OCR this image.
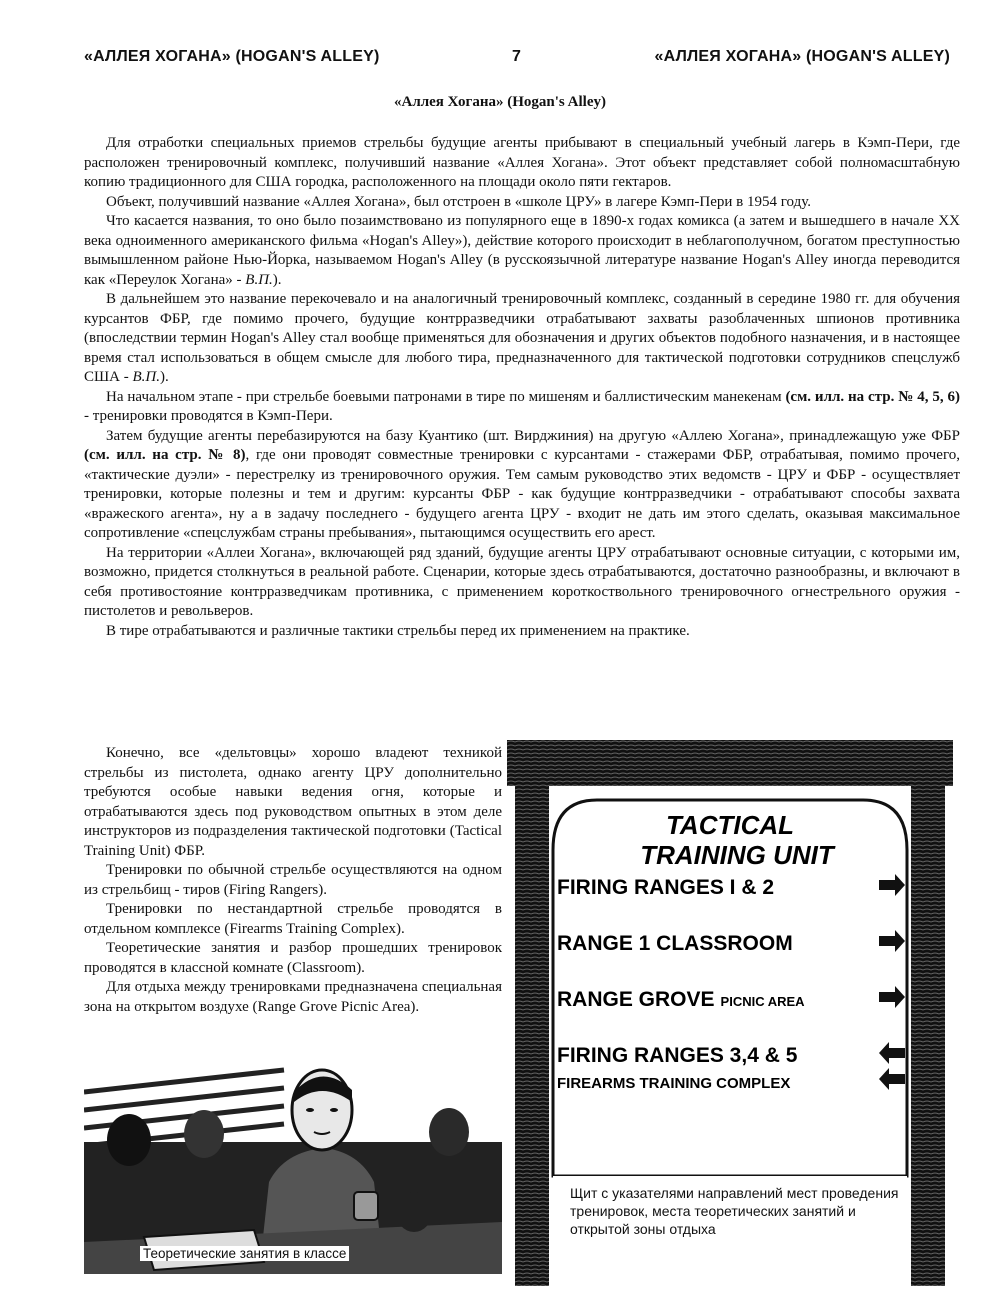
«АЛЛЕЯ ХОГАНА» (HOGAN'S ALLEY)	7	«АЛЛЕЯ ХОГАНА» (HOGAN'S ALLEY)
«Аллея Хогана» (Hogan's Alley)

Для отработки специальных приемов стрельбы будущие агенты прибывают в специальный учебный лагерь в Кэмп-Пери, где расположен тренировочный комплекс, получивший название «Аллея Хогана». Этот объект представляет собой полномасштабную копию традиционного для США городка, расположенного на площади около пяти гектаров.

Объект, получивший название «Аллея Хогана», был отстроен в «школе ЦРУ» в лагере Кэмп-Пери в 1954 году.

Что касается названия, то оно было позаимствовано из популярного еще в 1890-х годах комикса (а затем и вышедшего в начале XX века одноименного американского фильма «Hogan's Alley»), действие которого происходит в неблагополучном, богатом преступностью вымышленном районе Нью-Йорка, называемом Hogan's Alley (в русскоязычной литературе название Hogan's Alley иногда переводится как «Переулок Хогана» - В.П.).

В дальнейшем это название перекочевало и на аналогичный тренировочный комплекс, созданный в середине 1980 гг. для обучения курсантов ФБР, где помимо прочего, будущие контрразведчики отрабатывают захваты разоблаченных шпионов противника (впоследствии термин Hogan's Alley стал вообще применяться для обозначения и других объектов подобного назначения, и в настоящее время стал использоваться в общем смысле для любого тира, предназначенного для тактической подготовки сотрудников спецслужб США - В.П.).

На начальном этапе - при стрельбе боевыми патронами в тире по мишеням и баллистическим манекенам (см. илл. на стр. № 4, 5, 6) - тренировки проводятся в Кэмп-Пери.

Затем будущие агенты перебазируются на базу Куантико (шт. Вирджиния) на другую «Аллею Хогана», принадлежащую уже ФБР (см. илл. на стр. № 8), где они проводят совместные тренировки с курсантами - стажерами ФБР, отрабатывая, помимо прочего, «тактические дуэли» - перестрелку из тренировочного оружия. Тем самым руководство этих ведомств - ЦРУ и ФБР - осуществляет тренировки, которые полезны и тем и другим: курсанты ФБР - как будущие контрразведчики - отрабатывают способы захвата «вражеского агента», ну а в задачу последнего - будущего агента ЦРУ - входит не дать им этого сделать, оказывая максимальное сопротивление «спецслужбам страны пребывания», пытающимся осуществить его арест.

На территории «Аллеи Хогана», включающей ряд зданий, будущие агенты ЦРУ отрабатывают основные ситуации, с которыми им, возможно, придется столкнуться в реальной работе. Сценарии, которые здесь отрабатываются, достаточно разнообразны, и включают в себя противостояние контрразведчикам противника, с применением короткоствольного тренировочного огнестрельного оружия - пистолетов и револьверов.

В тире отрабатываются и различные тактики стрельбы перед их применением на практике.

Конечно, все «дельтовцы» хорошо владеют техникой стрельбы из пистолета, однако агенту ЦРУ дополнительно требуются особые навыки ведения огня, которые и отрабатываются здесь под руководством опытных в этом деле инструкторов из подразделения тактической подготовки (Tactical Training Unit) ФБР.

Тренировки по обычной стрельбе осуществляются на одном из стрельбищ - тиров (Firing Rangers).

Тренировки по нестандартной стрельбе проводятся в отдельном комплексе (Firearms Training Complex).

Теоретические занятия и разбор прошедших тренировок проводятся в классной комнате (Classroom).

Для отдыха между тренировками предназначена специальная зона на открытом воздухе (Range Grove Picnic Area).

Теоретические занятия в классе
TACTICAL
TRAINING UNIT
FIRING RANGES I & 2
RANGE 1 CLASSROOM
RANGE GROVE PICNIC AREA
FIRING RANGES 3,4 & 5
FIREARMS TRAINING COMPLEX
Щит с указателями направлений мест проведения тренировок, места теоретических занятий и открытой зоны отдыха
